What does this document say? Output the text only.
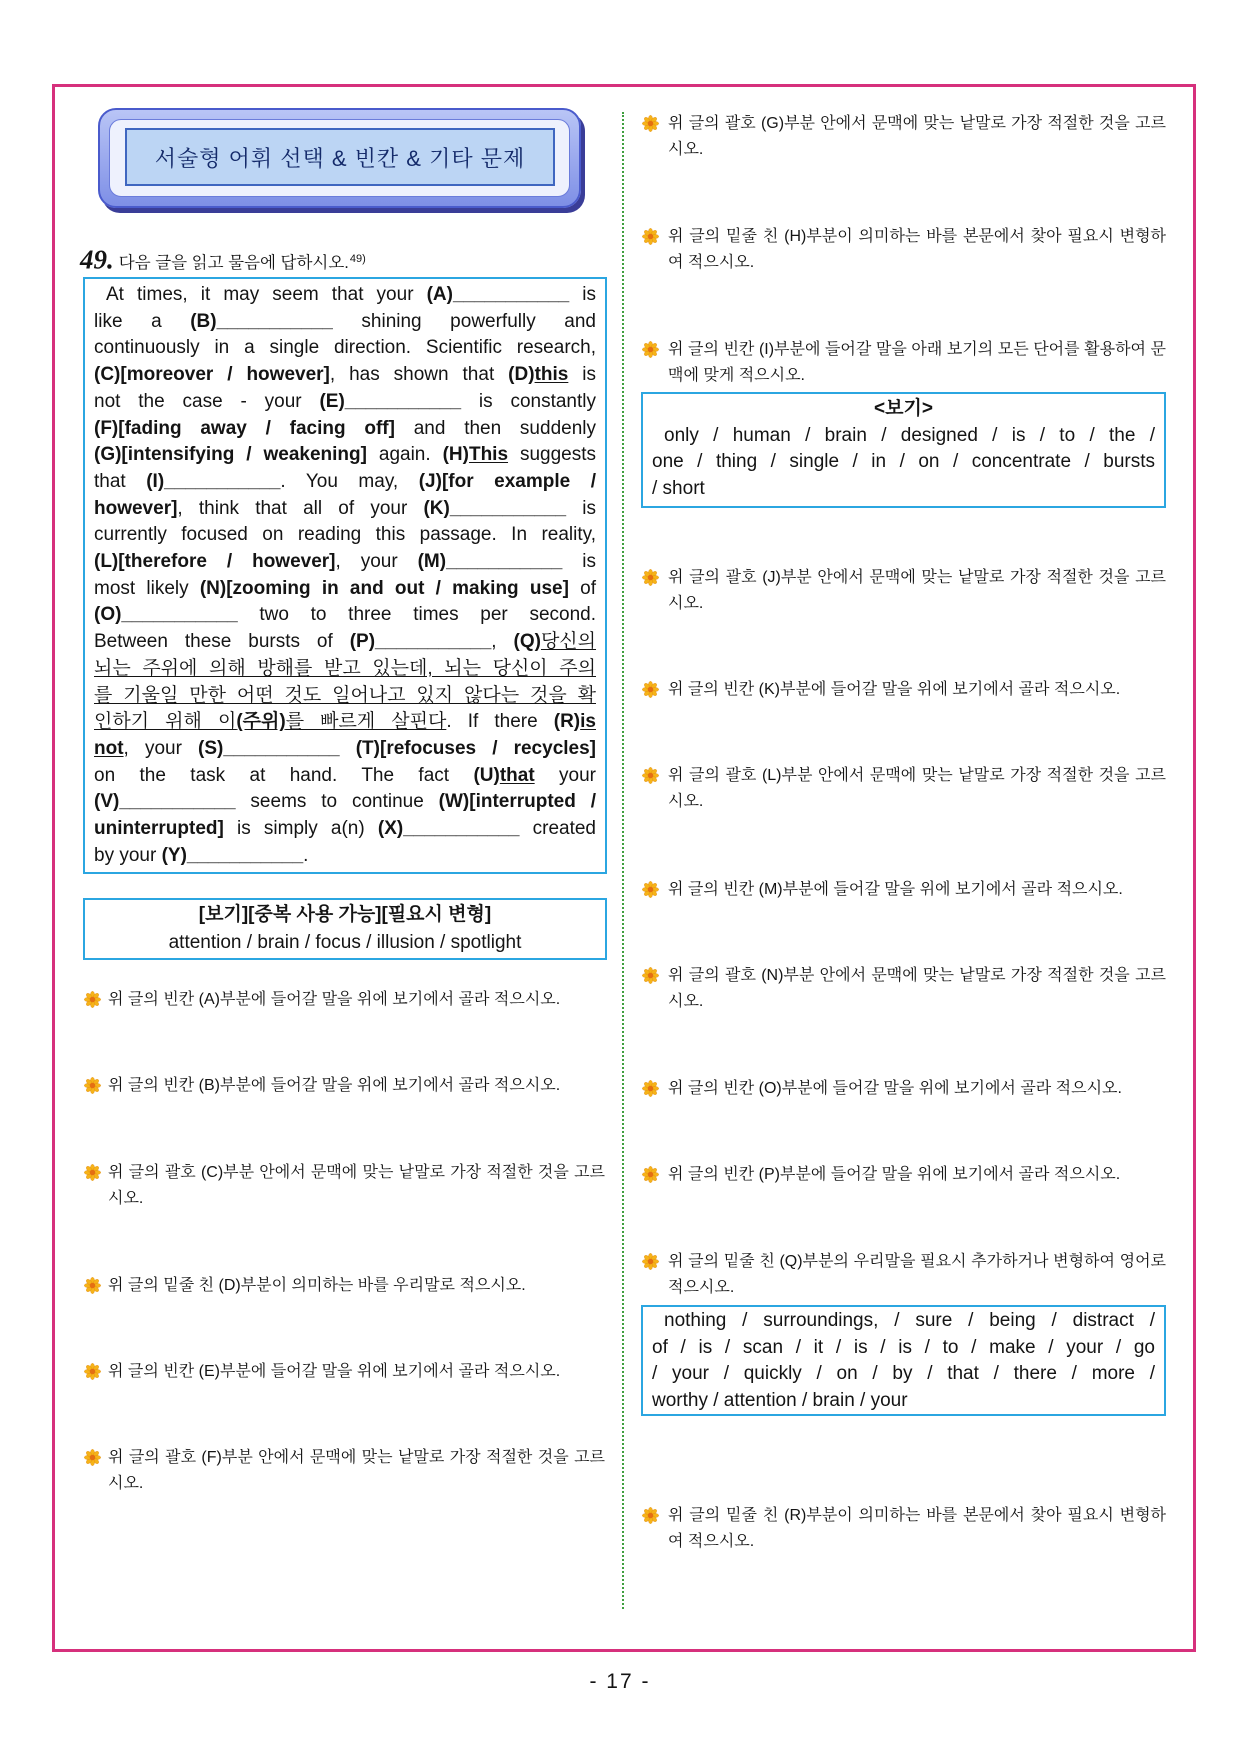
서술형 어휘 선택 & 빈칸 & 기타 문제
49. 다음 글을 읽고 물음에 답하시오.$^{49)}$
At times, it may seem that your (A)___________ is
like a (B)___________ shining powerfully and
continuously in a single direction. Scientific research,
(C)[moreover / however], has shown that (D)this is
not the case - your (E)___________ is constantly
(F)[fading away / facing off] and then suddenly
(G)[intensifying / weakening] again. (H)This suggests
that (I)___________. You may, (J)[for example /
however], think that all of your (K)___________ is
currently focused on reading this passage. In reality,
(L)[therefore / however], your (M)___________ is
most likely (N)[zooming in and out / making use] of
(O)___________ two to three times per second.
Between these bursts of (P)___________, (Q)당신의
뇌는 주위에 의해 방해를 받고 있는데, 뇌는 당신이 주의
를 기울일 만한 어떤 것도 일어나고 있지 않다는 것을 확
인하기 위해 이(주위)를 빠르게 살핀다. If there (R)is
not, your (S)___________ (T)[refocuses / recycles]
on the task at hand. The fact (U)that your
(V)___________ seems to continue (W)[interrupted /
uninterrupted] is simply a(n) (X)___________ created
by your (Y)___________.
[보기][중복 사용 가능][필요시 변형]
attention / brain / focus / illusion / spotlight
위 글의 빈칸 (A)부분에 들어갈 말을 위에 보기에서 골라 적으시오.
위 글의 빈칸 (B)부분에 들어갈 말을 위에 보기에서 골라 적으시오.
위 글의 괄호 (C)부분 안에서 문맥에 맞는 낱말로 가장 적절한 것을 고르시오.
위 글의 밑줄 친 (D)부분이 의미하는 바를 우리말로 적으시오.
위 글의 빈칸 (E)부분에 들어갈 말을 위에 보기에서 골라 적으시오.
위 글의 괄호 (F)부분 안에서 문맥에 맞는 낱말로 가장 적절한 것을 고르시오.
위 글의 괄호 (G)부분 안에서 문맥에 맞는 낱말로 가장 적절한 것을 고르시오.
위 글의 밑줄 친 (H)부분이 의미하는 바를 본문에서 찾아 필요시 변형하여 적으시오.
위 글의 빈칸 (I)부분에 들어갈 말을 아래 보기의 모든 단어를 활용하여 문맥에 맞게 적으시오.
<보기>
only / human / brain / designed / is / to / the /
one / thing / single / in / on / concentrate / bursts
/ short
위 글의 괄호 (J)부분 안에서 문맥에 맞는 낱말로 가장 적절한 것을 고르시오.
위 글의 빈칸 (K)부분에 들어갈 말을 위에 보기에서 골라 적으시오.
위 글의 괄호 (L)부분 안에서 문맥에 맞는 낱말로 가장 적절한 것을 고르시오.
위 글의 빈칸 (M)부분에 들어갈 말을 위에 보기에서 골라 적으시오.
위 글의 괄호 (N)부분 안에서 문맥에 맞는 낱말로 가장 적절한 것을 고르시오.
위 글의 빈칸 (O)부분에 들어갈 말을 위에 보기에서 골라 적으시오.
위 글의 빈칸 (P)부분에 들어갈 말을 위에 보기에서 골라 적으시오.
위 글의 밑줄 친 (Q)부분의 우리말을 필요시 추가하거나 변형하여 영어로 적으시오.
nothing / surroundings, / sure / being / distract /
of / is / scan / it / is / is / to / make / your / go
/ your / quickly / on / by / that / there / more /
worthy / attention / brain / your
위 글의 밑줄 친 (R)부분이 의미하는 바를 본문에서 찾아 필요시 변형하여 적으시오.
- 17 -
